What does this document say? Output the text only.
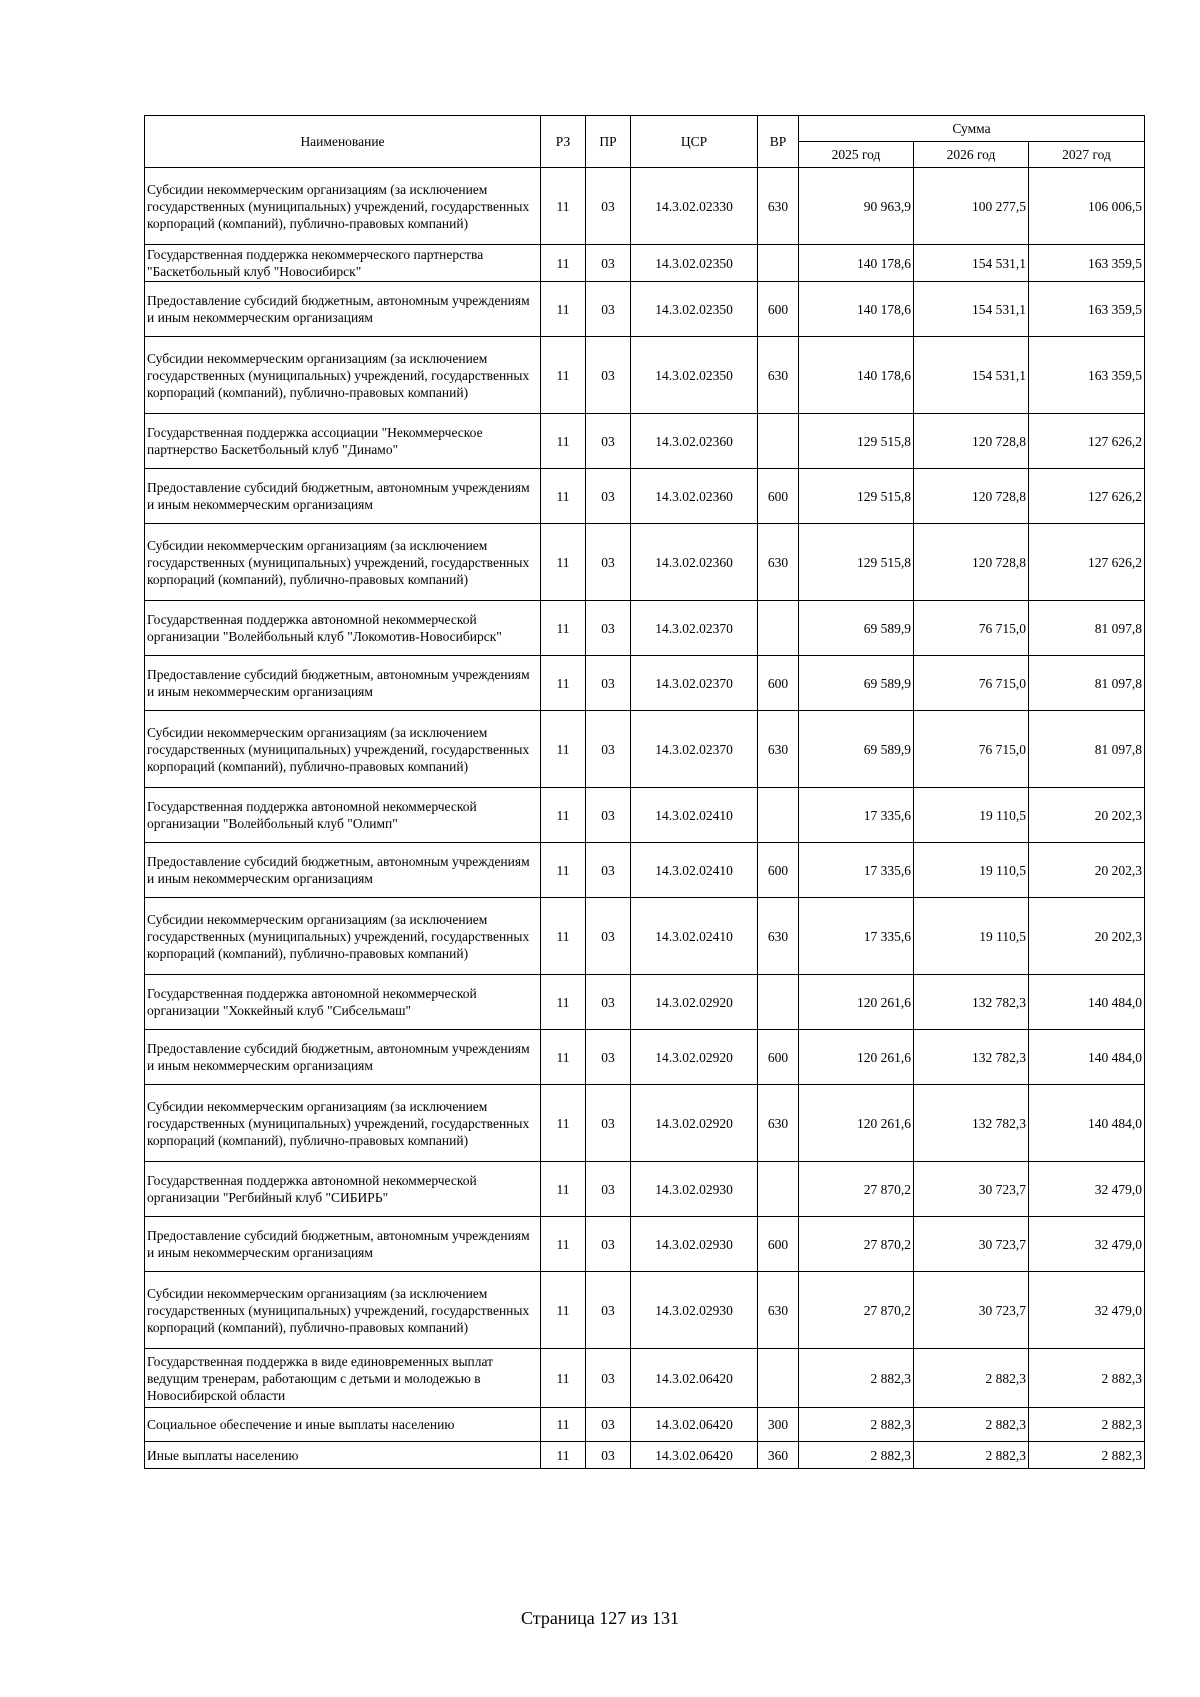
Наименование	РЗ	ПР	ЦСР	ВР	Сумма		
					2025 год	2026 год	2027 год
Субсидии некоммерческим организациям (за исключением государственных (муниципальных) учреждений, государственных корпораций (компаний), публично-правовых компаний)	11	03	14.3.02.02330	630	90 963,9	100 277,5	106 006,5
Государственная поддержка некоммерческого партнерства "Баскетбольный клуб "Новосибирск"	11	03	14.3.02.02350		140 178,6	154 531,1	163 359,5
Предоставление субсидий бюджетным, автономным учреждениям и иным некоммерческим организациям	11	03	14.3.02.02350	600	140 178,6	154 531,1	163 359,5
Субсидии некоммерческим организациям (за исключением государственных (муниципальных) учреждений, государственных корпораций (компаний), публично-правовых компаний)	11	03	14.3.02.02350	630	140 178,6	154 531,1	163 359,5
Государственная поддержка ассоциации "Некоммерческое партнерство Баскетбольный клуб "Динамо"	11	03	14.3.02.02360		129 515,8	120 728,8	127 626,2
Предоставление субсидий бюджетным, автономным учреждениям и иным некоммерческим организациям	11	03	14.3.02.02360	600	129 515,8	120 728,8	127 626,2
Субсидии некоммерческим организациям (за исключением государственных (муниципальных) учреждений, государственных корпораций (компаний), публично-правовых компаний)	11	03	14.3.02.02360	630	129 515,8	120 728,8	127 626,2
Государственная поддержка автономной некоммерческой организации "Волейбольный клуб "Локомотив-Новосибирск"	11	03	14.3.02.02370		69 589,9	76 715,0	81 097,8
Предоставление субсидий бюджетным, автономным учреждениям и иным некоммерческим организациям	11	03	14.3.02.02370	600	69 589,9	76 715,0	81 097,8
Субсидии некоммерческим организациям (за исключением государственных (муниципальных) учреждений, государственных корпораций (компаний), публично-правовых компаний)	11	03	14.3.02.02370	630	69 589,9	76 715,0	81 097,8
Государственная поддержка автономной некоммерческой организации "Волейбольный клуб "Олимп"	11	03	14.3.02.02410		17 335,6	19 110,5	20 202,3
Предоставление субсидий бюджетным, автономным учреждениям и иным некоммерческим организациям	11	03	14.3.02.02410	600	17 335,6	19 110,5	20 202,3
Субсидии некоммерческим организациям (за исключением государственных (муниципальных) учреждений, государственных корпораций (компаний), публично-правовых компаний)	11	03	14.3.02.02410	630	17 335,6	19 110,5	20 202,3
Государственная поддержка автономной некоммерческой организации "Хоккейный клуб "Сибсельмаш"	11	03	14.3.02.02920		120 261,6	132 782,3	140 484,0
Предоставление субсидий бюджетным, автономным учреждениям и иным некоммерческим организациям	11	03	14.3.02.02920	600	120 261,6	132 782,3	140 484,0
Субсидии некоммерческим организациям (за исключением государственных (муниципальных) учреждений, государственных корпораций (компаний), публично-правовых компаний)	11	03	14.3.02.02920	630	120 261,6	132 782,3	140 484,0
Государственная поддержка автономной некоммерческой организации "Регбийный клуб "СИБИРЬ"	11	03	14.3.02.02930		27 870,2	30 723,7	32 479,0
Предоставление субсидий бюджетным, автономным учреждениям и иным некоммерческим организациям	11	03	14.3.02.02930	600	27 870,2	30 723,7	32 479,0
Субсидии некоммерческим организациям (за исключением государственных (муниципальных) учреждений, государственных корпораций (компаний), публично-правовых компаний)	11	03	14.3.02.02930	630	27 870,2	30 723,7	32 479,0
Государственная поддержка в виде единовременных выплат ведущим тренерам, работающим с детьми и молодежью в Новосибирской области	11	03	14.3.02.06420		2 882,3	2 882,3	2 882,3
Социальное обеспечение и иные выплаты населению	11	03	14.3.02.06420	300	2 882,3	2 882,3	2 882,3
Иные выплаты населению	11	03	14.3.02.06420	360	2 882,3	2 882,3	2 882,3
Страница 127 из 131
